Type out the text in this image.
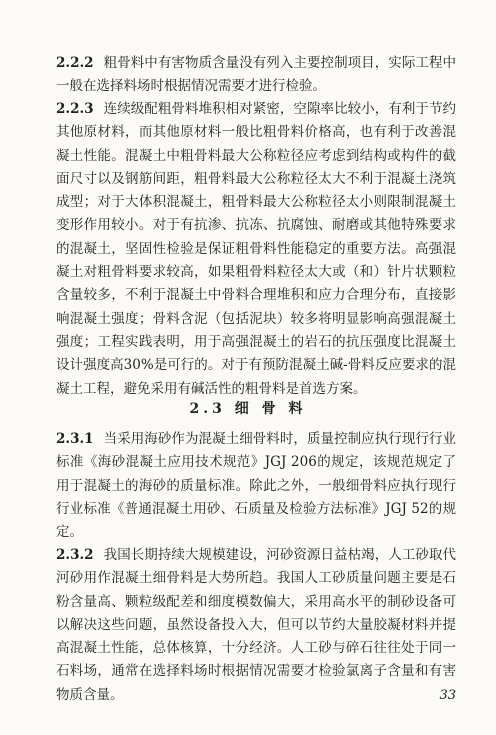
2.2.2 粗骨料中有害物质含量没有列入主要控制项目，实际工程中一般在选择料场时根据情况需要才进行检验。

2.2.3 连续级配粗骨料堆积相对紧密，空隙率比较小，有利于节约其他原材料，而其他原材料一般比粗骨料价格高，也有利于改善混凝土性能。混凝土中粗骨料最大公称粒径应考虑到结构或构件的截面尺寸以及钢筋间距，粗骨料最大公称粒径太大不利于混凝土浇筑成型；对于大体积混凝土，粗骨料最大公称粒径太小则限制混凝土变形作用较小。对于有抗渗、抗冻、抗腐蚀、耐磨或其他特殊要求的混凝土，坚固性检验是保证粗骨料性能稳定的重要方法。高强混凝土对粗骨料要求较高，如果粗骨料粒径太大或（和）针片状颗粒含量较多，不利于混凝土中骨料合理堆积和应力合理分布，直接影响混凝土强度；骨料含泥（包括泥块）较多将明显影响高强混凝土强度；工程实践表明，用于高强混凝土的岩石的抗压强度比混凝土设计强度高30%是可行的。对于有预防混凝土碱-骨料反应要求的混凝土工程，避免采用有碱活性的粗骨料是首选方案。

2.3 细 骨 料

2.3.1 当采用海砂作为混凝土细骨料时，质量控制应执行现行行业标准《海砂混凝土应用技术规范》JGJ 206的规定，该规范规定了用于混凝土的海砂的质量标准。除此之外，一般细骨料应执行现行行业标准《普通混凝土用砂、石质量及检验方法标准》JGJ 52的规定。

2.3.2 我国长期持续大规模建设，河砂资源日益枯竭，人工砂取代河砂用作混凝土细骨料是大势所趋。我国人工砂质量问题主要是石粉含量高、颗粒级配差和细度模数偏大，采用高水平的制砂设备可以解决这些问题，虽然设备投入大，但可以节约大量胶凝材料并提高混凝土性能，总体核算，十分经济。人工砂与碎石往往处于同一石料场，通常在选择料场时根据情况需要才检验氯离子含量和有害物质含量。	33
